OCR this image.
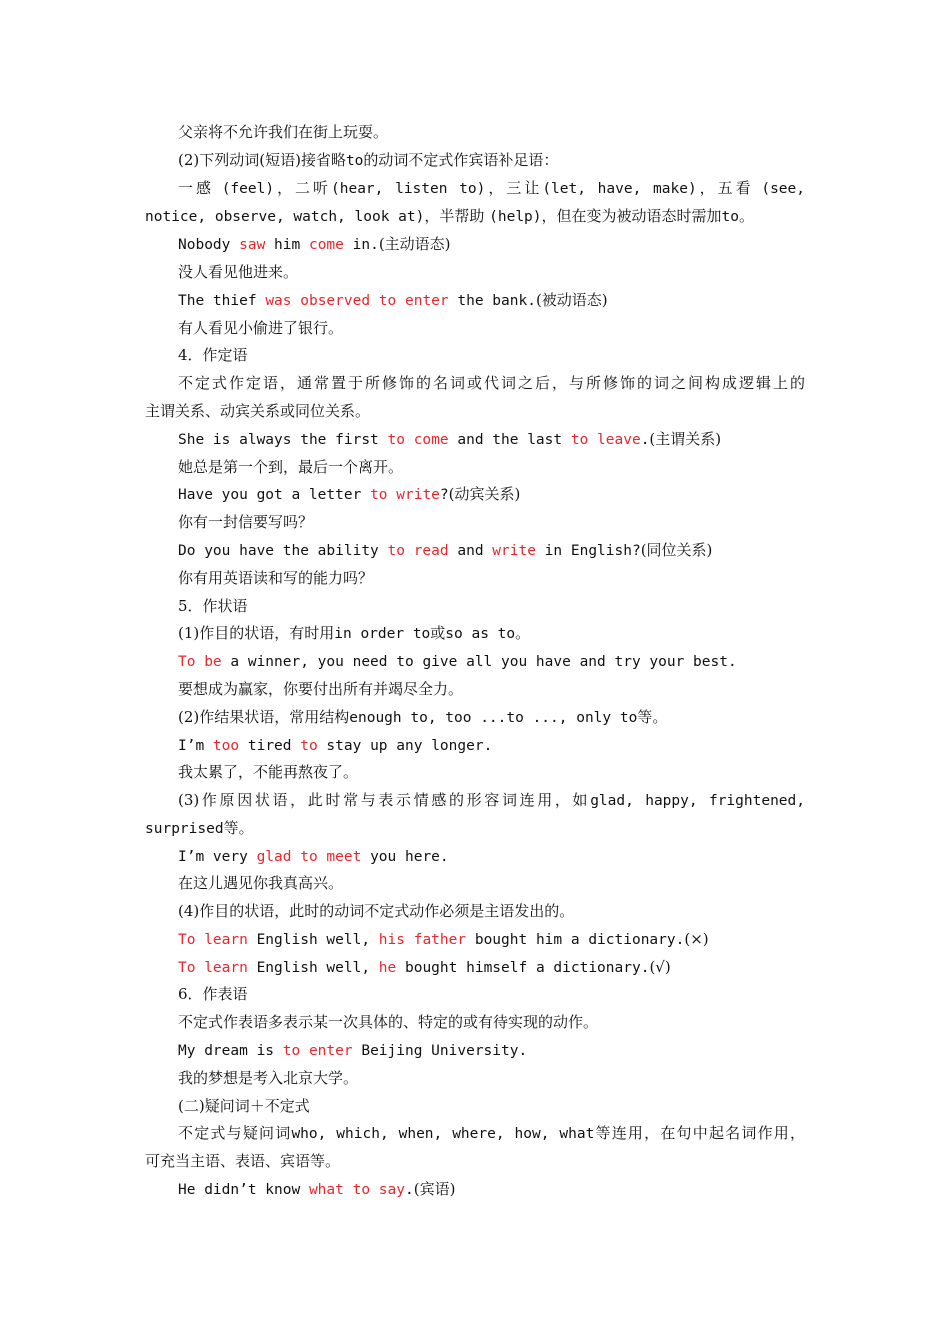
父亲将不允许我们在街上玩耍。
(2)下列动词(短语)接省略to的动词不定式作宾语补足语：
一感 (feel)，二听(hear, listen to)，三让(let, have, make)，五看 (see,
notice, observe, watch, look at)，半帮助 (help)，但在变为被动语态时需加to。
Nobody saw him come in.(主动语态)
没人看见他进来。
The thief was observed to enter the bank.(被动语态)
有人看见小偷进了银行。
4．作定语
不定式作定语，通常置于所修饰的名词或代词之后，与所修饰的词之间构成逻辑上的
主谓关系、动宾关系或同位关系。
She is always the first to come and the last to leave.(主谓关系)
她总是第一个到，最后一个离开。
Have you got a letter to write?(动宾关系)
你有一封信要写吗？
Do you have the ability to read and write in English?(同位关系)
你有用英语读和写的能力吗？
5．作状语
(1)作目的状语，有时用in order to或so as to。
To be a winner, you need to give all you have and try your best.
要想成为赢家，你要付出所有并竭尽全力。
(2)作结果状语，常用结构enough to, too ...to ..., only to等。
I’m too tired to stay up any longer.
我太累了，不能再熬夜了。
(3)作原因状语，此时常与表示情感的形容词连用，如glad, happy, frightened,
surprised等。
I’m very glad to meet you here.
在这儿遇见你我真高兴。
(4)作目的状语，此时的动词不定式动作必须是主语发出的。
To learn English well, his father bought him a dictionary.(×)
To learn English well, he bought himself a dictionary.(√)
6．作表语
不定式作表语多表示某一次具体的、特定的或有待实现的动作。
My dream is to enter Beijing University.
我的梦想是考入北京大学。
(二)疑问词＋不定式
不定式与疑问词who, which, when, where, how, what等连用，在句中起名词作用，
可充当主语、表语、宾语等。
He didn’t know what to say.(宾语)
